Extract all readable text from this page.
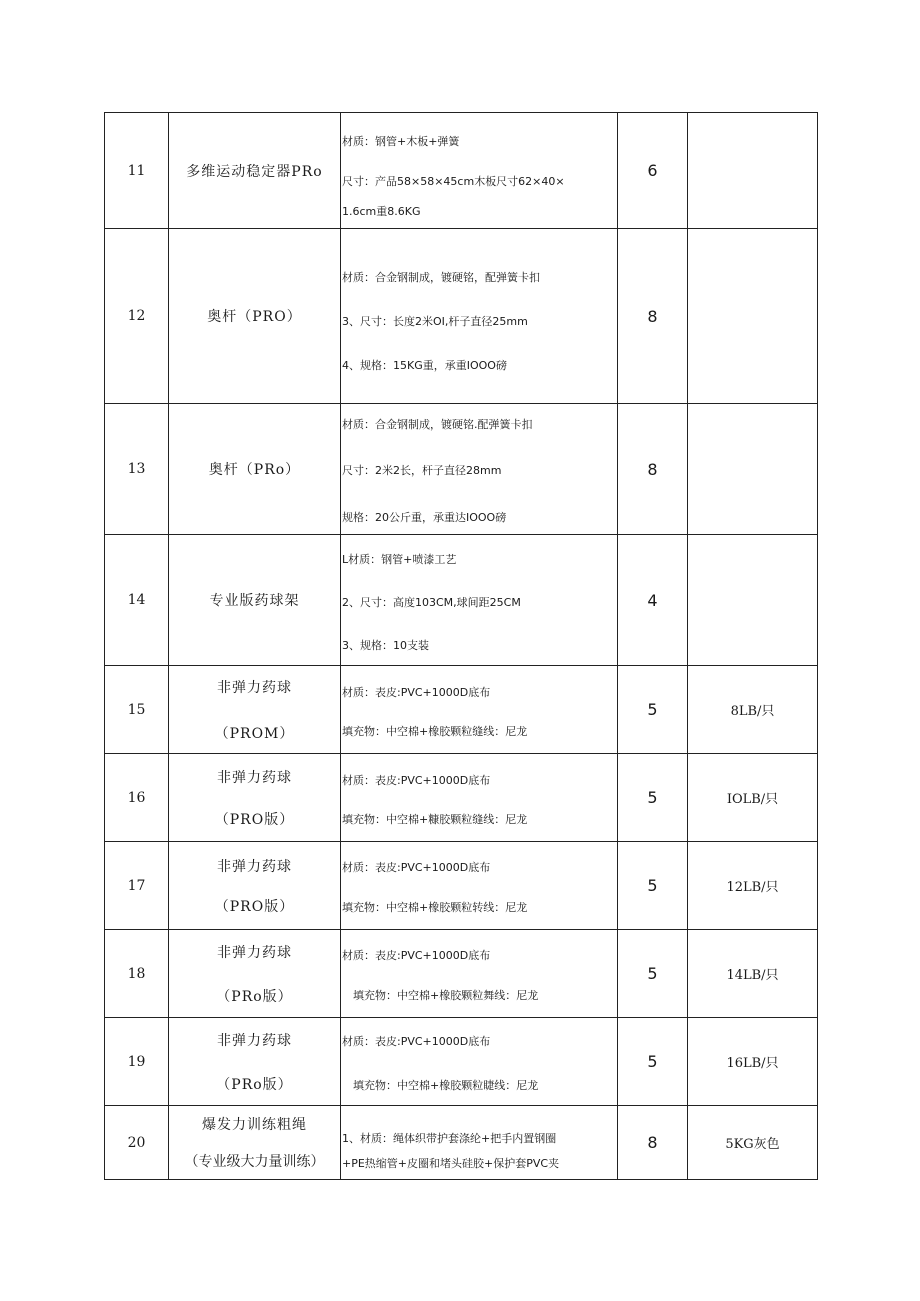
11	多维运动稳定器PRo	材质：钢管+木板+弹簧
尺寸：产品58×58×45cm木板尺寸62×40×
1.6cm重8.6KG	6	
12	奥杆（PRO）	材质：合金钢制成，镀硬铭，配弹簧卡扣
3、尺寸：长度2米OI,杆子直径25mm
4、规格：15KG重，承重IOOO磅	8	
13	奥杆（PRo）	材质：合金钢制成，镀硬铭.配弹簧卡扣
尺寸：2米2长，杆子直径28mm
规格：20公斤重，承重达IOOO磅	8	
14	专业版药球架	L材质：钢管+喷漆工艺
2、尺寸：高度103CM,球间距25CM
3、规格：10支装	4	
15	非弹力药球
（PROM）	材质：表皮:PVC+1000D底布
填充物：中空棉+橡胶颗粒缝线：尼龙	5	8LB/只
16	非弹力药球
（PRO版）	材质：表皮:PVC+1000D底布
填充物：中空棉+糠胶颗粒缝线：尼龙	5	IOLB/只
17	非弹力药球
（PRO版）	材质：表皮:PVC+1000D底布
填充物：中空棉+橡胶颗粒转线：尼龙	5	12LB/只
18	非弹力药球
（PRo版）	材质：表皮:PVC+1000D底布
填充物：中空棉+橡胶颗粒舞线：尼龙	5	14LB/只
19	非弹力药球
（PRo版）	材质：表皮:PVC+1000D底布
填充物：中空棉+橡胶颗粒睫线：尼龙	5	16LB/只
20	爆发力训练粗绳
（专业级大力量训练）	1、材质：绳体织带护套涤纶+把手内置钢圈
+PE热缩管+皮圈和堵头硅胶+保护套PVC夹	8	5KG灰色
